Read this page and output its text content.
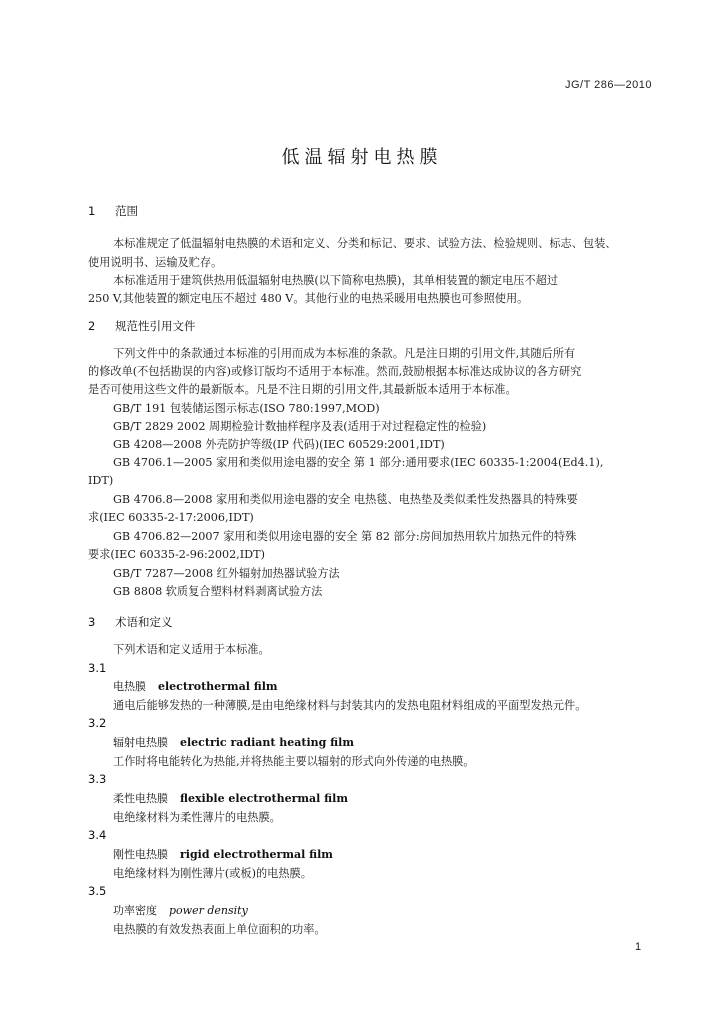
JG/T 286—2010
低温辐射电热膜
1 范围
本标准规定了低温辐射电热膜的术语和定义、分类和标记、要求、试验方法、检验规则、标志、包装、
使用说明书、运输及贮存。
本标准适用于建筑供热用低温辐射电热膜(以下简称电热膜)，其单相装置的额定电压不超过
250 V,其他装置的额定电压不超过 480 V。其他行业的电热采暖用电热膜也可参照使用。
2 规范性引用文件
下列文件中的条款通过本标准的引用而成为本标准的条款。凡是注日期的引用文件,其随后所有
的修改单(不包括勘误的内容)或修订版均不适用于本标准。然而,鼓励根据本标准达成协议的各方研究
是否可使用这些文件的最新版本。凡是不注日期的引用文件,其最新版本适用于本标准。
GB/T 191 包装储运图示标志(ISO 780:1997,MOD)
GB/T 2829 2002 周期检验计数抽样程序及表(适用于对过程稳定性的检验)
GB 4208—2008 外壳防护等级(IP 代码)(IEC 60529:2001,IDT)
GB 4706.1—2005 家用和类似用途电器的安全 第 1 部分:通用要求(IEC 60335-1:2004(Ed4.1),
IDT)
GB 4706.8—2008 家用和类似用途电器的安全 电热毯、电热垫及类似柔性发热器具的特殊要
求(IEC 60335-2-17:2006,IDT)
GB 4706.82—2007 家用和类似用途电器的安全 第 82 部分:房间加热用软片加热元件的特殊
要求(IEC 60335-2-96:2002,IDT)
GB/T 7287—2008 红外辐射加热器试验方法
GB 8808 软质复合塑料材料剥离试验方法
3 术语和定义
下列术语和定义适用于本标准。
3.1
电热膜 electrothermal film
通电后能够发热的一种薄膜,是由电绝缘材料与封装其内的发热电阻材料组成的平面型发热元件。
3.2
辐射电热膜 electric radiant heating film
工作时将电能转化为热能,并将热能主要以辐射的形式向外传递的电热膜。
3.3
柔性电热膜 flexible electrothermal film
电绝缘材料为柔性薄片的电热膜。
3.4
刚性电热膜 rigid electrothermal film
电绝缘材料为刚性薄片(或板)的电热膜。
3.5
功率密度 power density
电热膜的有效发热表面上单位面积的功率。
1
